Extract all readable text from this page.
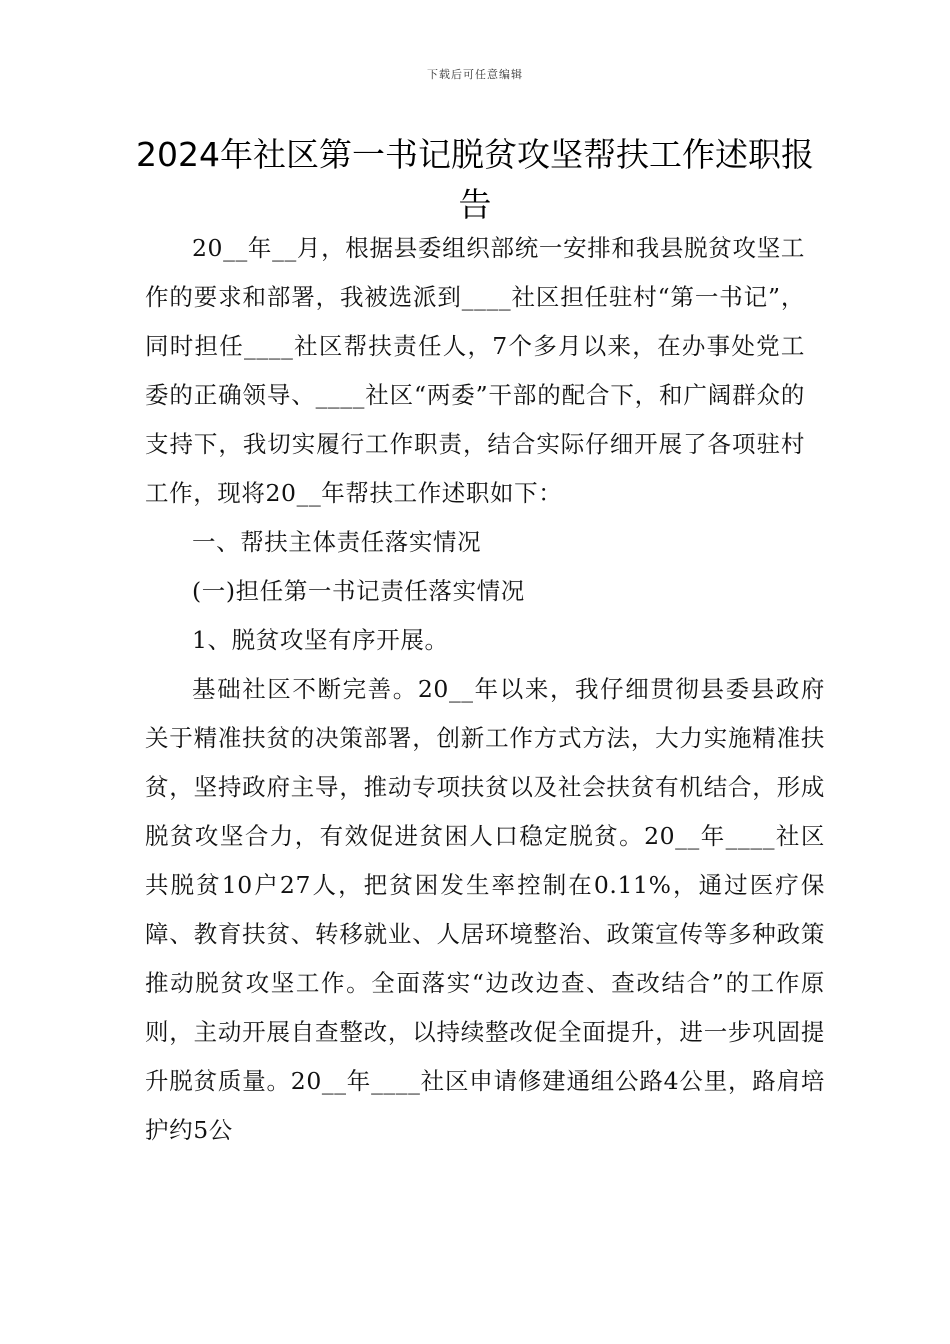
下载后可任意编辑
2024年社区第一书记脱贫攻坚帮扶工作述职报告

20__年__月，根据县委组织部统一安排和我县脱贫攻坚工作的要求和部署，我被选派到____社区担任驻村“第一书记”，同时担任____社区帮扶责任人，7个多月以来，在办事处党工委的正确领导、____社区“两委”干部的配合下，和广阔群众的支持下，我切实履行工作职责，结合实际仔细开展了各项驻村工作，现将20__年帮扶工作述职如下：

一、帮扶主体责任落实情况

(一)担任第一书记责任落实情况

1、脱贫攻坚有序开展。

基础社区不断完善。20__年以来，我仔细贯彻县委县政府关于精准扶贫的决策部署，创新工作方式方法，大力实施精准扶贫，坚持政府主导，推动专项扶贫以及社会扶贫有机结合，形成脱贫攻坚合力，有效促进贫困人口稳定脱贫。20__年____社区共脱贫10户27人，把贫困发生率控制在0.11%，通过医疗保障、教育扶贫、转移就业、人居环境整治、政策宣传等多种政策推动脱贫攻坚工作。全面落实“边改边查、查改结合”的工作原则，主动开展自查整改，以持续整改促全面提升，进一步巩固提升脱贫质量。20__年____社区申请修建通组公路4公里，路肩培护约5公
